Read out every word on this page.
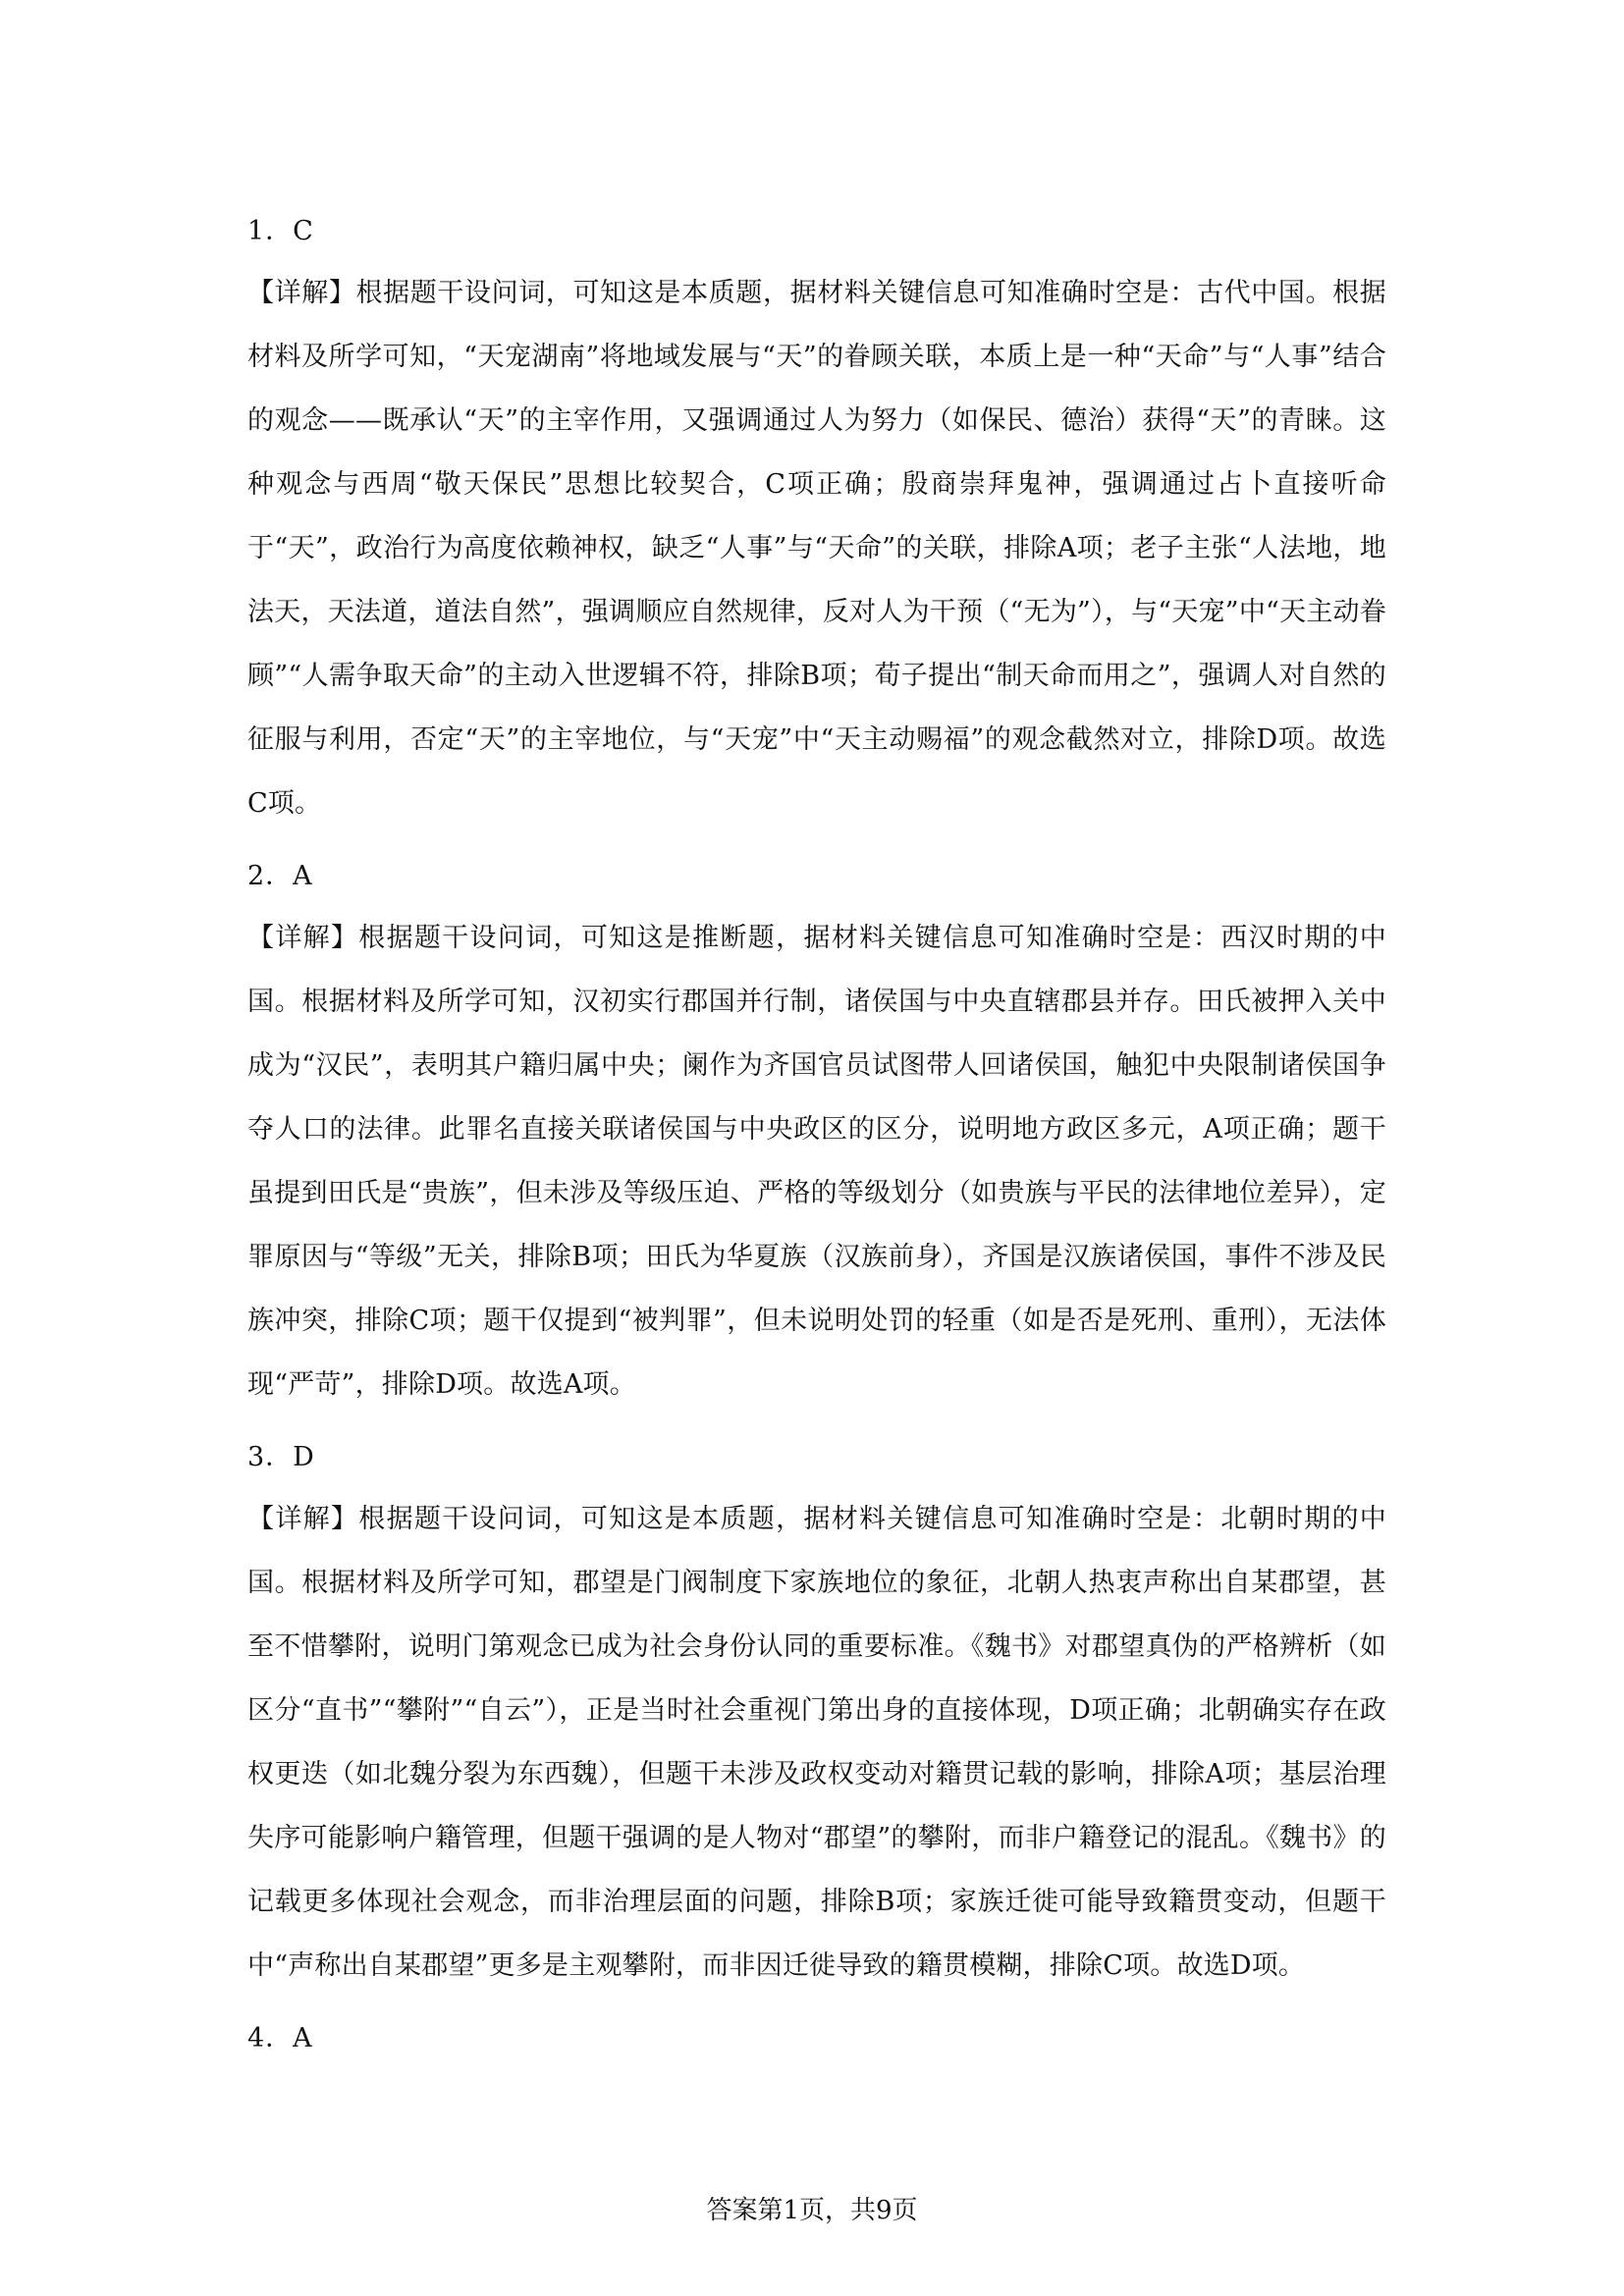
1．C

【详解】根据题干设问词，可知这是本质题，据材料关键信息可知准确时空是：古代中国。根据材料及所学可知，“天宠湖南”将地域发展与“天”的眷顾关联，本质上是一种“天命”与“人事”结合的观念——既承认“天”的主宰作用，又强调通过人为努力（如保民、德治）获得“天”的青睐。这种观念与西周“敬天保民”思想比较契合，C项正确；殷商崇拜鬼神，强调通过占卜直接听命于“天”，政治行为高度依赖神权，缺乏“人事”与“天命”的关联，排除A项；老子主张“人法地，地法天，天法道，道法自然”，强调顺应自然规律，反对人为干预（“无为”），与“天宠”中“天主动眷顾”“人需争取天命”的主动入世逻辑不符，排除B项；荀子提出“制天命而用之”，强调人对自然的征服与利用，否定“天”的主宰地位，与“天宠”中“天主动赐福”的观念截然对立，排除D项。故选C项。

2．A

【详解】根据题干设问词，可知这是推断题，据材料关键信息可知准确时空是：西汉时期的中国。根据材料及所学可知，汉初实行郡国并行制，诸侯国与中央直辖郡县并存。田氏被押入关中成为“汉民”，表明其户籍归属中央；阑作为齐国官员试图带人回诸侯国，触犯中央限制诸侯国争夺人口的法律。此罪名直接关联诸侯国与中央政区的区分，说明地方政区多元，A项正确；题干虽提到田氏是“贵族”，但未涉及等级压迫、严格的等级划分（如贵族与平民的法律地位差异），定罪原因与“等级”无关，排除B项；田氏为华夏族（汉族前身），齐国是汉族诸侯国，事件不涉及民族冲突，排除C项；题干仅提到“被判罪”，但未说明处罚的轻重（如是否是死刑、重刑），无法体现“严苛”，排除D项。故选A项。

3．D

【详解】根据题干设问词，可知这是本质题，据材料关键信息可知准确时空是：北朝时期的中国。根据材料及所学可知，郡望是门阀制度下家族地位的象征，北朝人热衷声称出自某郡望，甚至不惜攀附，说明门第观念已成为社会身份认同的重要标准。《魏书》对郡望真伪的严格辨析（如区分“直书”“攀附”“自云”），正是当时社会重视门第出身的直接体现，D项正确；北朝确实存在政权更迭（如北魏分裂为东西魏），但题干未涉及政权变动对籍贯记载的影响，排除A项；基层治理失序可能影响户籍管理，但题干强调的是人物对“郡望”的攀附，而非户籍登记的混乱。《魏书》的记载更多体现社会观念，而非治理层面的问题，排除B项；家族迁徙可能导致籍贯变动，但题干中“声称出自某郡望”更多是主观攀附，而非因迁徙导致的籍贯模糊，排除C项。故选D项。

4．A

答案第1页，共9页
